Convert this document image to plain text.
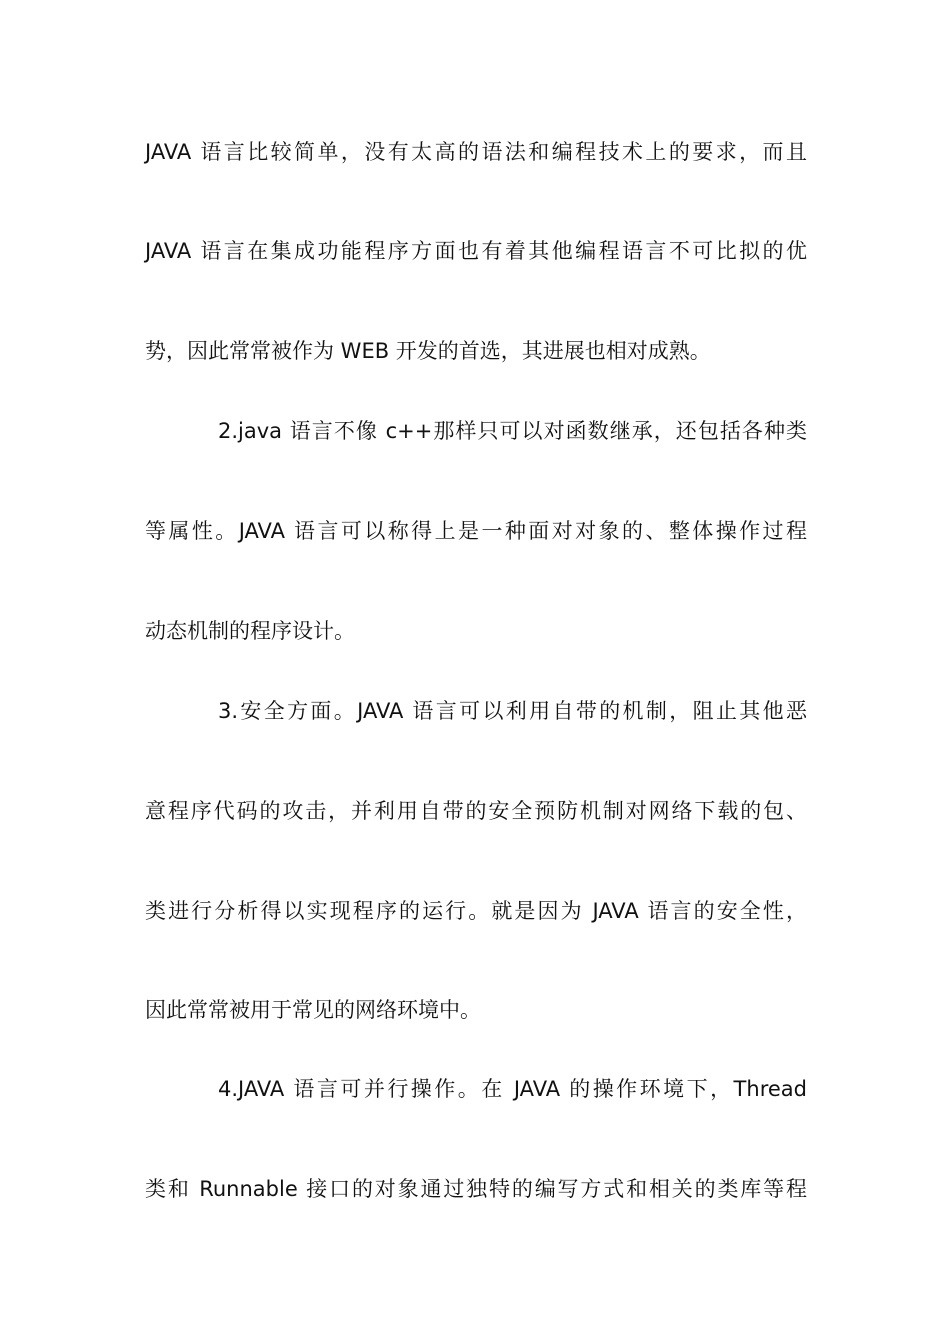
JAVA 语言比较简单，没有太高的语法和编程技术上的要求，而且
JAVA 语言在集成功能程序方面也有着其他编程语言不可比拟的优
势，因此常常被作为 WEB 开发的首选，其进展也相对成熟。
2.java 语言不像 c++那样只可以对函数继承，还包括各种类
等属性。JAVA 语言可以称得上是一种面对对象的、整体操作过程
动态机制的程序设计。
3.安全方面。JAVA 语言可以利用自带的机制，阻止其他恶
意程序代码的攻击，并利用自带的安全预防机制对网络下载的包、
类进行分析得以实现程序的运行。就是因为 JAVA 语言的安全性，
因此常常被用于常见的网络环境中。
4.JAVA 语言可并行操作。在 JAVA 的操作环境下，Thread
类和 Runnable 接口的对象通过独特的编写方式和相关的类库等程
